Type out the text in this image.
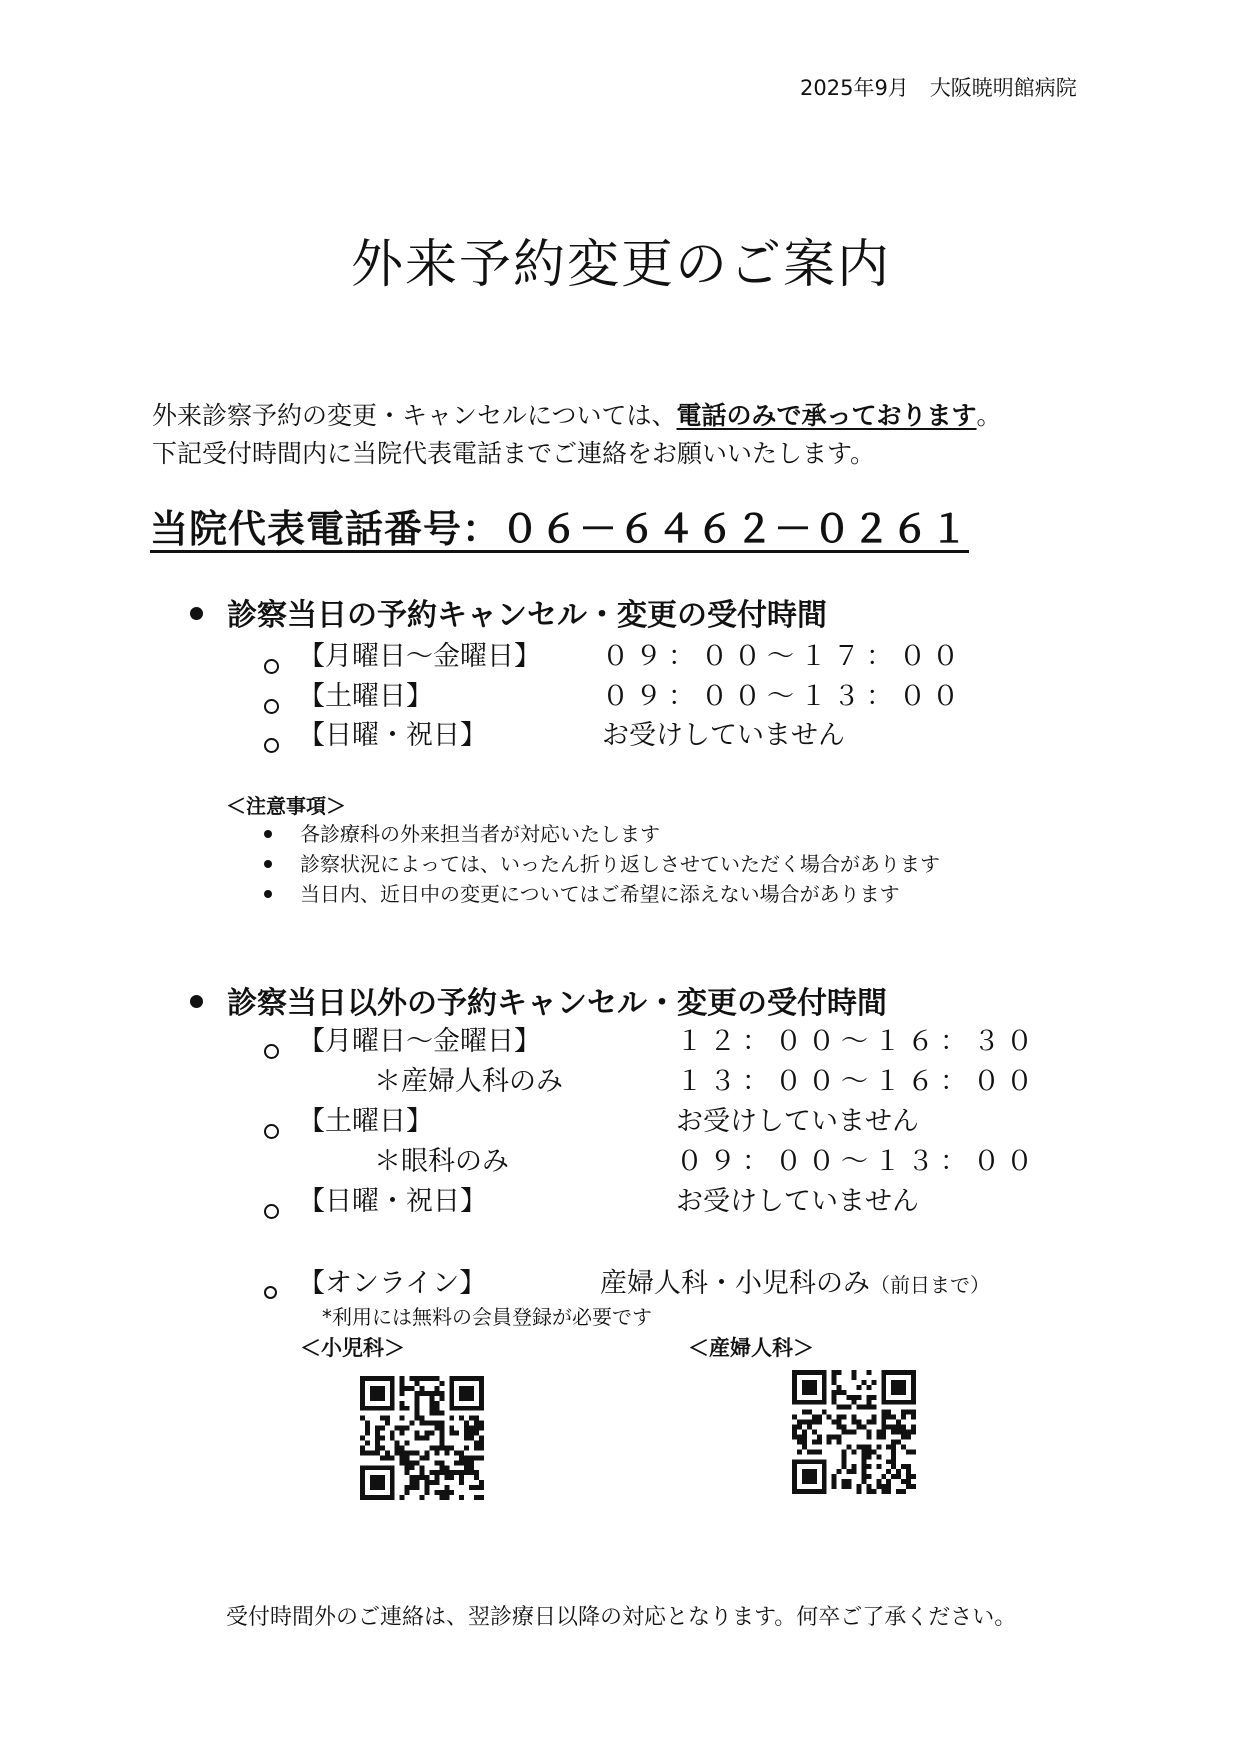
2025年9月　大阪暁明館病院
外来予約変更のご案内
外来診察予約の変更・キャンセルについては、電話のみで承っております。
下記受付時間内に当院代表電話までご連絡をお願いいたします。
当院代表電話番号：０６－６４６２－０２６１
診察当日の予約キャンセル・変更の受付時間
【月曜日～金曜日】 ０９：００～１７：００
【土曜日】	０９：００～１３：００
【日曜・祝日】	お受けしていません
＜注意事項＞
各診療科の外来担当者が対応いたします
診察状況によっては、いったん折り返しさせていただく場合があります
当日内、近日中の変更についてはご希望に添えない場合があります
診察当日以外の予約キャンセル・変更の受付時間
【月曜日～金曜日】	１２：００～１６：３０
＊産婦人科のみ	１３：００～１６：００
【土曜日】	お受けしていません
＊眼科のみ	０９：００～１３：００
【日曜・祝日】	お受けしていません
【オンライン】	産婦人科・小児科のみ（前日まで）
*利用には無料の会員登録が必要です
＜小児科＞	＜産婦人科＞
受付時間外のご連絡は、翌診療日以降の対応となります。何卒ご了承ください。
